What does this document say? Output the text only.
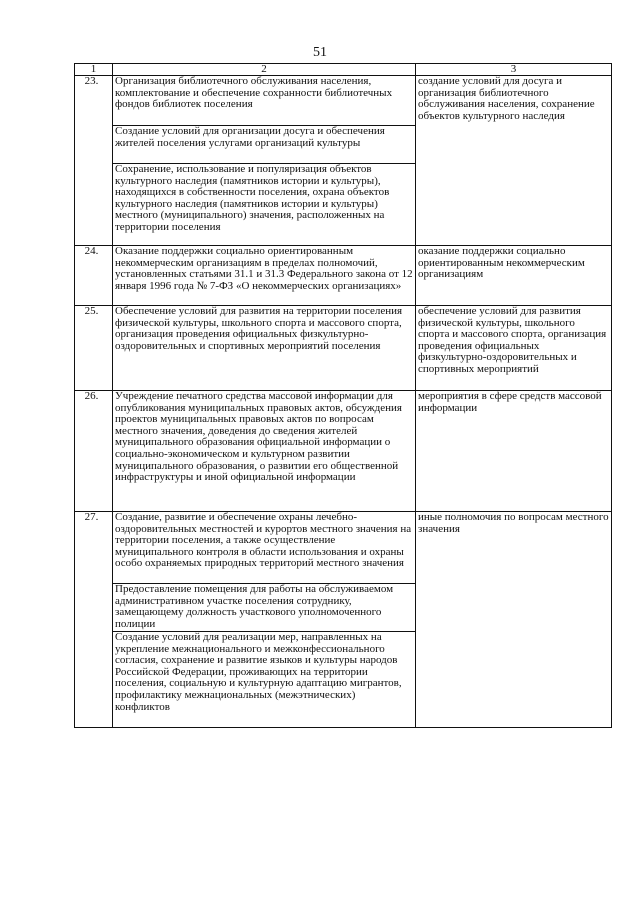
51
1	2	3
23.	Организация библиотечного обслуживания населения, комплектование и обеспечение сохранности библиотечных фондов библиотек поселения	создание условий для досуга и организация библиотечного обслуживания населения, сохранение объектов культурного наследия
	Создание условий для организации досуга и обеспечения жителей поселения услугами организаций культуры	
	Сохранение, использование и популяризация объектов культурного наследия (памятников истории и культуры), находящихся в собственности поселения, охрана объектов культурного наследия (памятников истории и культуры) местного (муниципального) значения, расположенных на территории поселения	
24.	Оказание поддержки социально ориентированным некоммерческим организациям в пределах полномочий, установленных статьями 31.1 и 31.3 Федерального закона от 12 января 1996 года № 7-ФЗ «О некоммерческих организациях»	оказание поддержки социально ориентированным некоммерческим организациям
25.	Обеспечение условий для развития на территории поселения физической культуры, школьного спорта и массового спорта, организация проведения официальных физкультурно-оздоровительных и спортивных мероприятий поселения	обеспечение условий для развития физической культуры, школьного спорта и массового спорта, организация проведения официальных физкультурно-оздоровительных и спортивных мероприятий
26.	Учреждение печатного средства массовой информации для опубликования муниципальных правовых актов, обсуждения проектов муниципальных правовых актов по вопросам местного значения, доведения до сведения жителей муниципального образования официальной информации о социально-экономическом и культурном развитии муниципального образования, о развитии его общественной инфраструктуры и иной официальной информации	мероприятия в сфере средств массовой информации
27.	Создание, развитие и обеспечение охраны лечебно-оздоровительных местностей и курортов местного значения на территории поселения, а также осуществление муниципального контроля в области использования и охраны особо охраняемых природных территорий местного значения	иные полномочия по вопросам местного значения
	Предоставление помещения для работы на обслуживаемом административном участке поселения сотруднику, замещающему должность участкового уполномоченного полиции	
	Создание условий для реализации мер, направленных на укрепление межнационального и межконфессионального согласия, сохранение и развитие языков и культуры народов Российской Федерации, проживающих на территории поселения, социальную и культурную адаптацию мигрантов, профилактику межнациональных (межэтнических) конфликтов	
